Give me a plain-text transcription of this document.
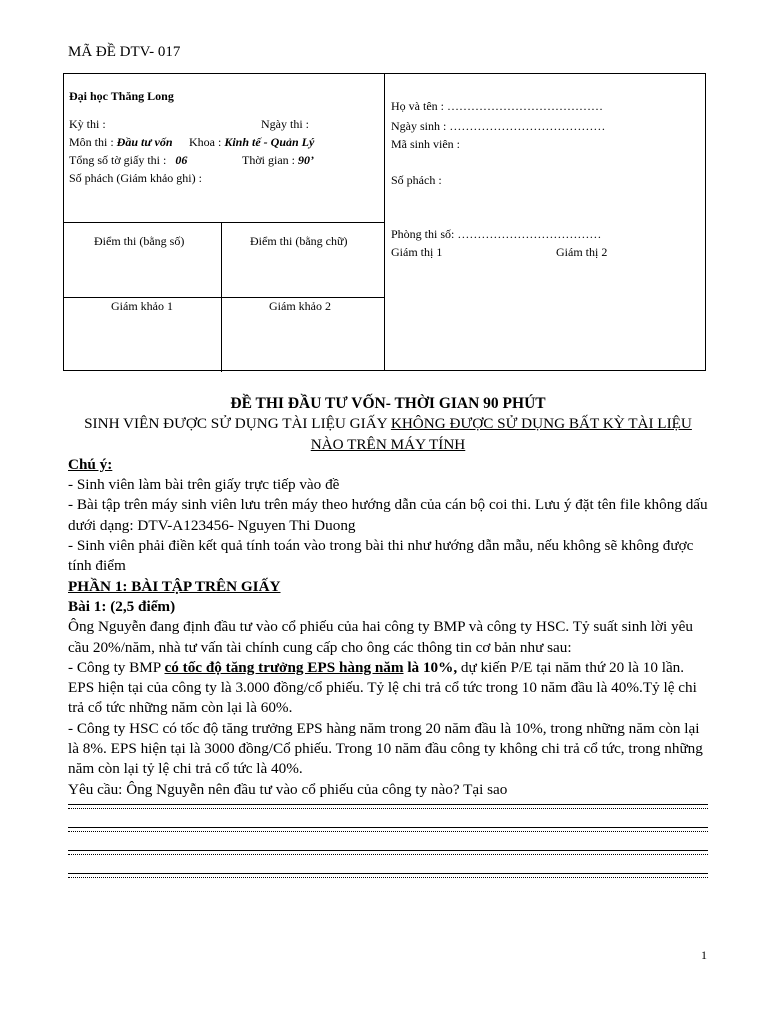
MÃ ĐỀ DTV- 017
Đại học Thăng Long
Kỳ thi :	Ngày thi :
Môn thi : Đầu tư vốn Khoa : Kinh tế - Quản Lý
Tổng số tờ giấy thi : 06	Thời gian : 90’
Số phách (Giám khảo ghi) :
Điểm thi (bằng số)	Điểm thi (bằng chữ)
Giám khảo 1	Giám khảo 2
Họ và tên : …………………………………
Ngày sinh : …………………………………
Mã sinh viên :
Số phách :
Phòng thi số: ………………………………
Giám thị 1	Giám thị 2
ĐỀ THI ĐẦU TƯ VỐN- THỜI GIAN 90 PHÚT
SINH VIÊN ĐƯỢC SỬ DỤNG TÀI LIỆU GIẤY KHÔNG ĐƯỢC SỬ DỤNG BẤT KỲ TÀI LIỆU NÀO TRÊN MÁY TÍNH
Chú ý:
- Sinh viên làm bài trên giấy trực tiếp vào đề
- Bài tập trên máy sinh viên lưu trên máy theo hướng dẫn của cán bộ coi thi. Lưu ý đặt tên file không dấu dưới dạng: DTV-A123456- Nguyen Thi Duong
- Sinh viên phải điền kết quả tính toán vào trong bài thi như hướng dẫn mẫu, nếu không sẽ không được tính điểm
PHẦN 1: BÀI TẬP TRÊN GIẤY
Bài 1: (2,5 điểm)
Ông Nguyễn đang định đầu tư vào cổ phiếu của hai công ty BMP và công ty HSC. Tỷ suất sinh lời yêu cầu 20%/năm, nhà tư vấn tài chính cung cấp cho ông các thông tin cơ bản như sau:
- Công ty BMP có tốc độ tăng trưởng EPS hàng năm là 10%, dự kiến P/E tại năm thứ 20 là 10 lần. EPS hiện tại của công ty là 3.000 đồng/cổ phiếu. Tỷ lệ chi trả cổ tức trong 10 năm đầu là 40%.Tỷ lệ chi trả cổ tức những năm còn lại là 60%.
- Công ty HSC có tốc độ tăng trưởng EPS hàng năm trong 20 năm đầu là 10%, trong những năm còn lại là 8%. EPS hiện tại là 3000 đồng/Cổ phiếu. Trong 10 năm đầu công ty không chi trả cổ tức, trong những năm còn lại tỷ lệ chi trả cổ tức là 40%.
Yêu cầu: Ông Nguyễn nên đầu tư vào cổ phiếu của công ty nào? Tại sao
1
